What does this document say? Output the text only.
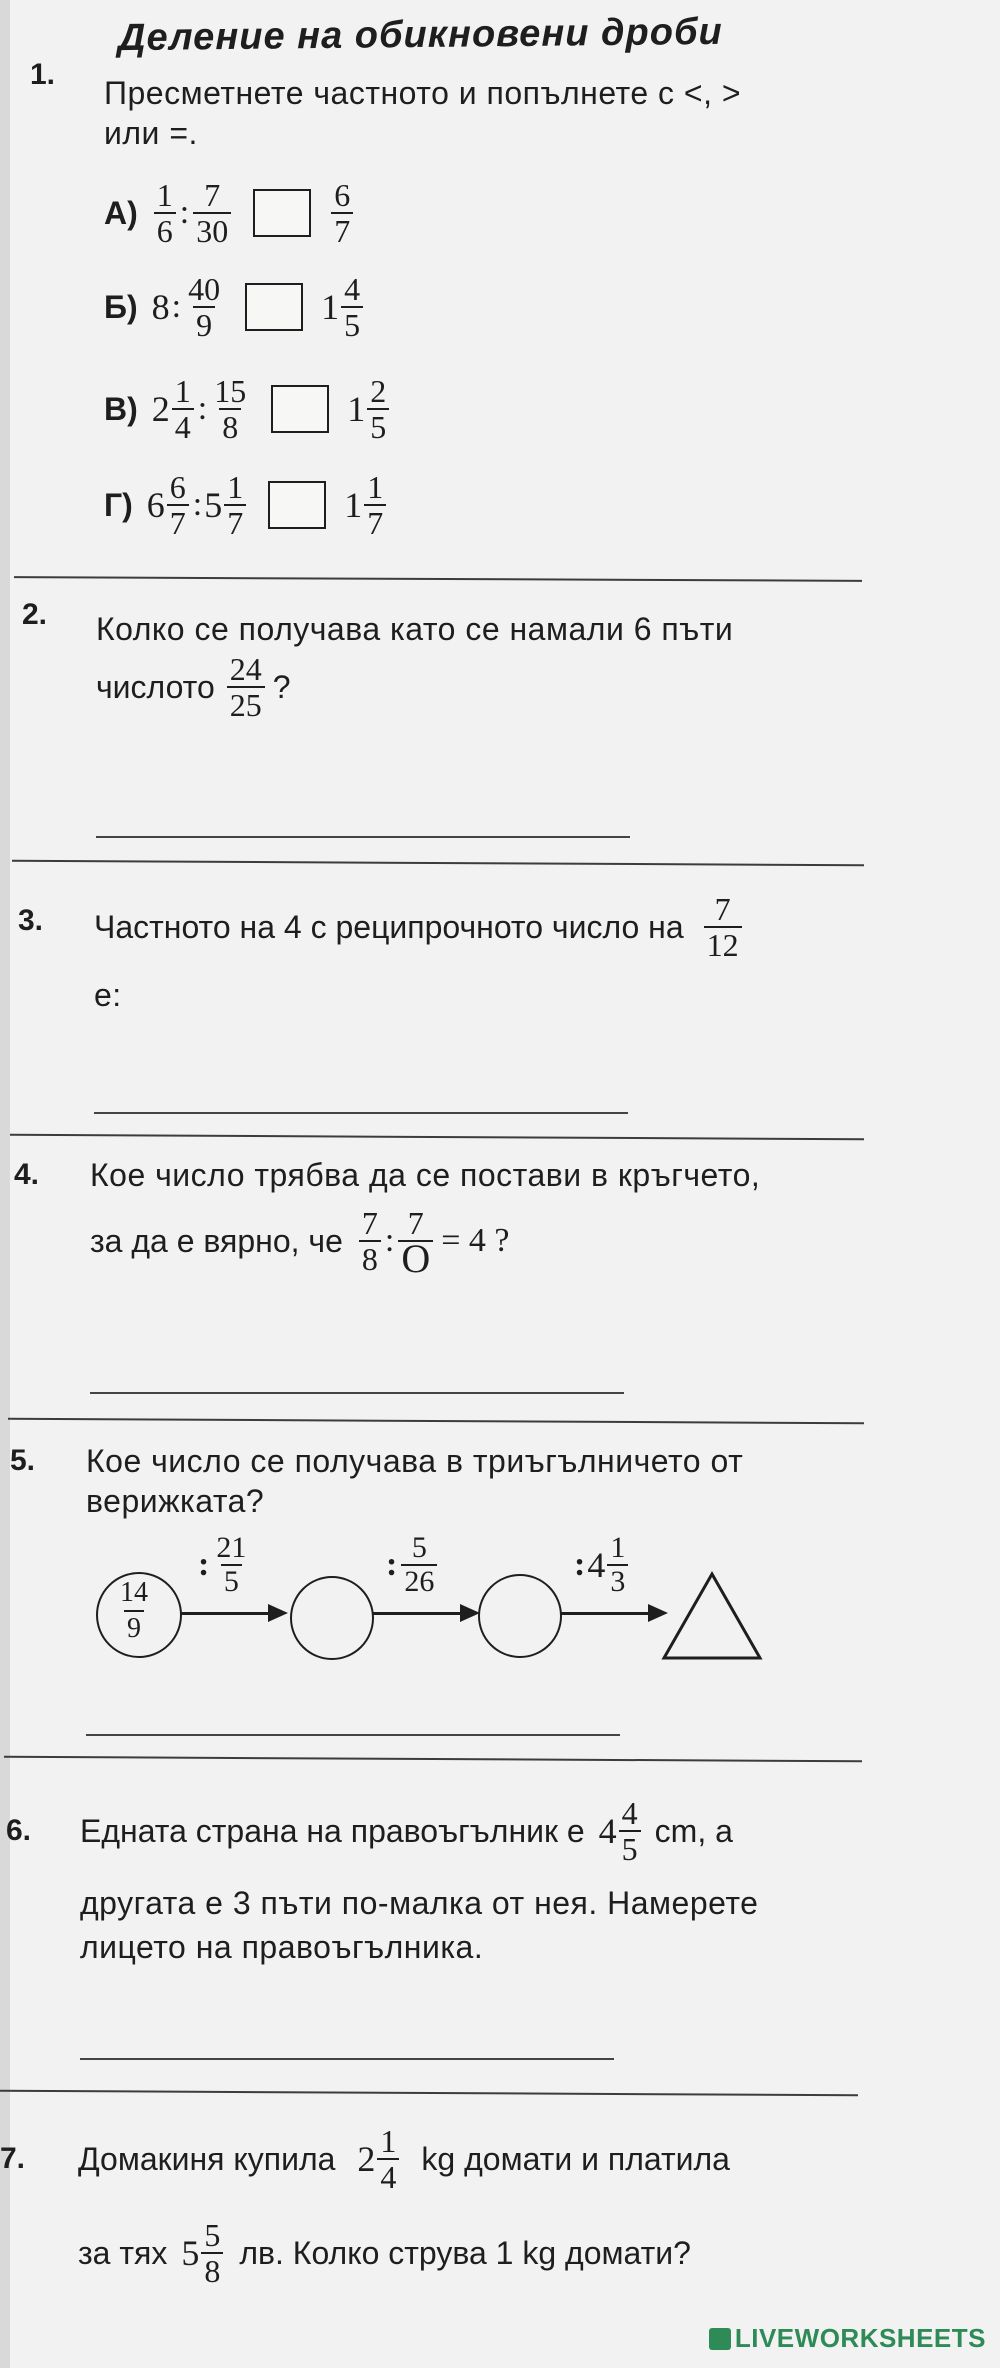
Деление на обикновени дроби
1.
Пресметнете частното и попълнете с <, >
или =.
$А) \frac{1}{6}$ : $\frac{7}{30}$	$\frac{6}{7}$
Б) 8 : $\frac{40}{9}$	$1 \frac{4}{5}$
В) $2 \frac{1}{4}$ : $\frac{15}{8}$	$1 \frac{2}{5}$
Г) $6 \frac{6}{7}$ : $5 \frac{1}{7}$	$1 \frac{1}{7}$
2. Колко се получава като се намали 6 пъти
числото $\frac{24}{25}$ ?
3. Частното на 4 с реципрочното число на $\frac{7}{12}$
е:
4. Кое число трябва да се постави в кръгчето,
за да е вярно, че $\frac{7}{8}$ : $\frac{7}{O} = 4$ ?
5. Кое число се получава в триъгълничето от
верижката?
$\frac{14}{9}$
: $\frac{21}{5}$	: $\frac{5}{26}$	: $4 \frac{1}{3}$
6. Едната страна на правоъгълник е $4 \frac{4}{5}$ cm, а
другата е 3 пъти по-малка от нея. Намерете
лицето на правоъгълника.
7. Домакиня купила $2 \frac{1}{4}$ kg домати и платила
за тях $5 \frac{5}{8}$ лв. Колко струва 1 kg домати?
LIVEWORKSHEETS
